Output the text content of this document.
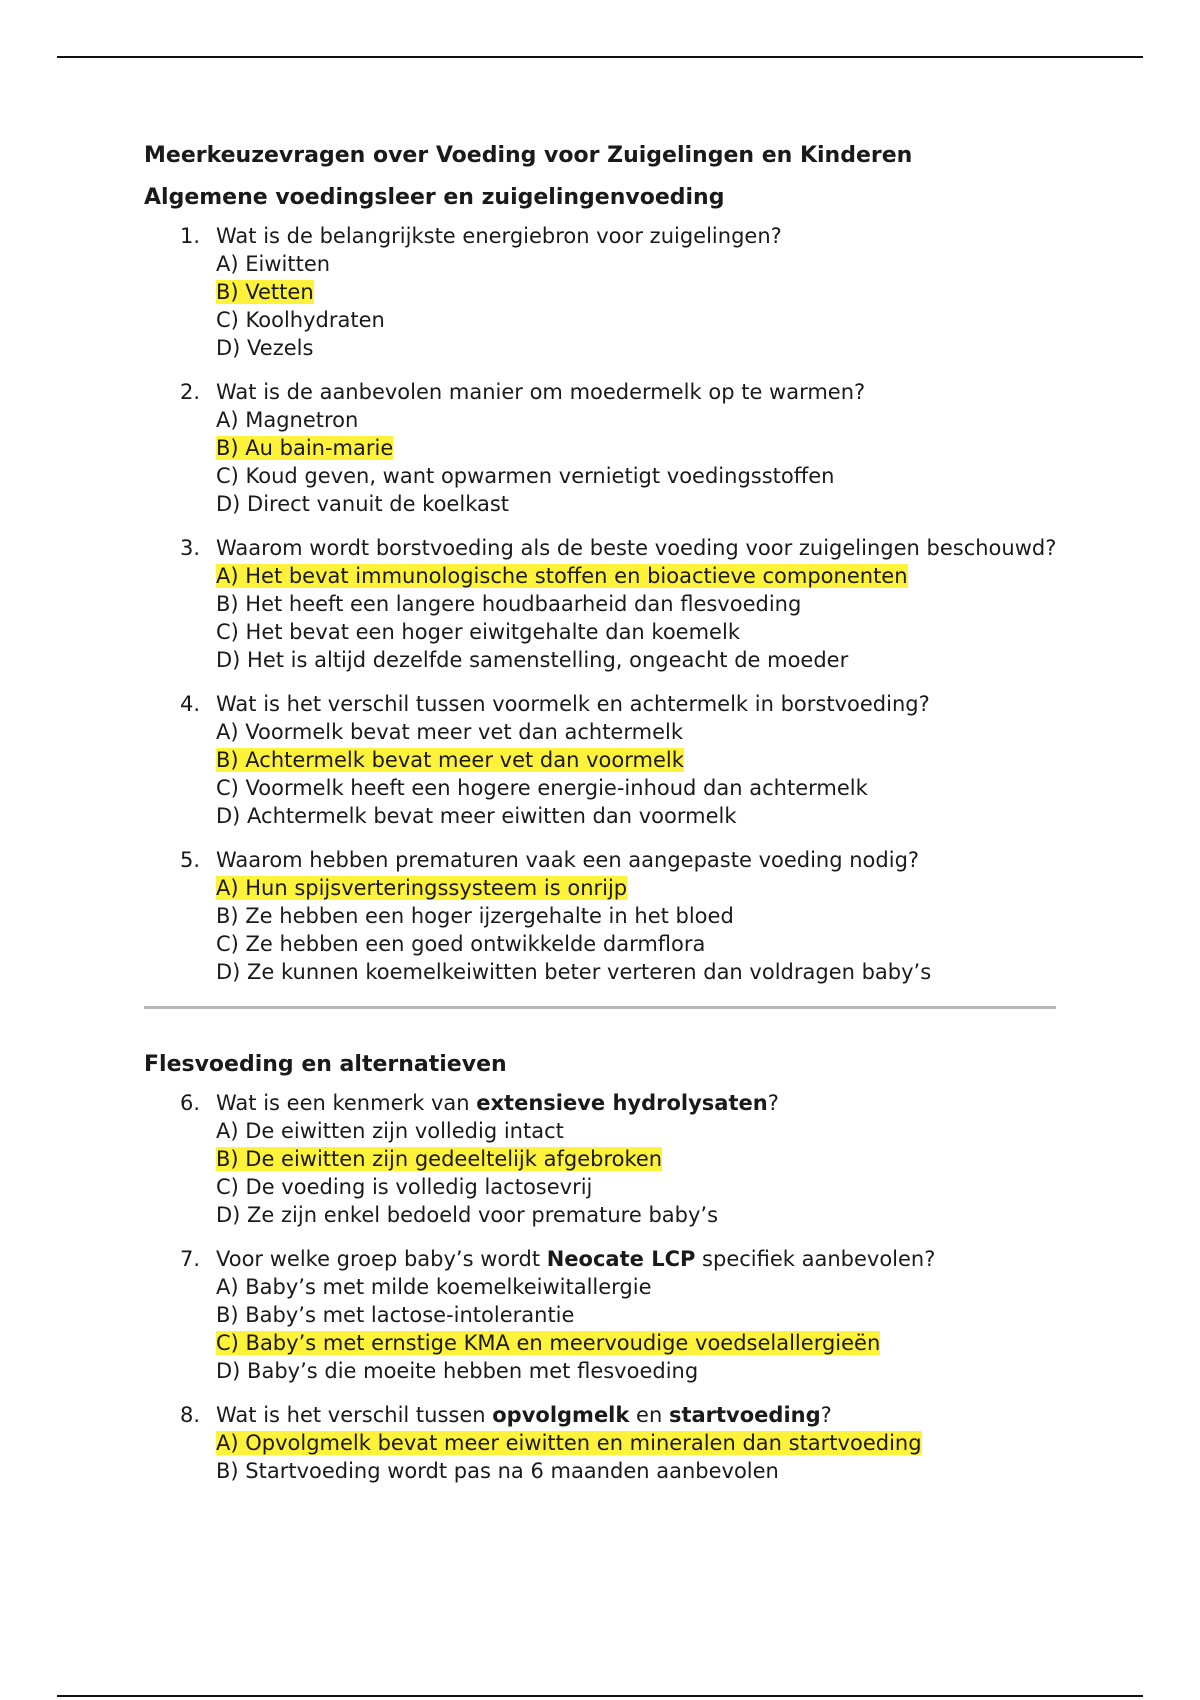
Meerkeuzevragen over Voeding voor Zuigelingen en Kinderen
Algemene voedingsleer en zuigelingenvoeding
1. Wat is de belangrijkste energiebron voor zuigelingen?
A) Eiwitten
B) Vetten
C) Koolhydraten
D) Vezels
2. Wat is de aanbevolen manier om moedermelk op te warmen?
A) Magnetron
B) Au bain-marie
C) Koud geven, want opwarmen vernietigt voedingsstoffen
D) Direct vanuit de koelkast
3. Waarom wordt borstvoeding als de beste voeding voor zuigelingen beschouwd?
A) Het bevat immunologische stoffen en bioactieve componenten
B) Het heeft een langere houdbaarheid dan flesvoeding
C) Het bevat een hoger eiwitgehalte dan koemelk
D) Het is altijd dezelfde samenstelling, ongeacht de moeder
4. Wat is het verschil tussen voormelk en achtermelk in borstvoeding?
A) Voormelk bevat meer vet dan achtermelk
B) Achtermelk bevat meer vet dan voormelk
C) Voormelk heeft een hogere energie-inhoud dan achtermelk
D) Achtermelk bevat meer eiwitten dan voormelk
5. Waarom hebben prematuren vaak een aangepaste voeding nodig?
A) Hun spijsverteringssysteem is onrijp
B) Ze hebben een hoger ijzergehalte in het bloed
C) Ze hebben een goed ontwikkelde darmflora
D) Ze kunnen koemelkeiwitten beter verteren dan voldragen baby’s
Flesvoeding en alternatieven
6. Wat is een kenmerk van extensieve hydrolysaten?
A) De eiwitten zijn volledig intact
B) De eiwitten zijn gedeeltelijk afgebroken
C) De voeding is volledig lactosevrij
D) Ze zijn enkel bedoeld voor premature baby’s
7. Voor welke groep baby’s wordt Neocate LCP specifiek aanbevolen?
A) Baby’s met milde koemelkeiwitallergie
B) Baby’s met lactose-intolerantie
C) Baby’s met ernstige KMA en meervoudige voedselallergieën
D) Baby’s die moeite hebben met flesvoeding
8. Wat is het verschil tussen opvolgmelk en startvoeding?
A) Opvolgmelk bevat meer eiwitten en mineralen dan startvoeding
B) Startvoeding wordt pas na 6 maanden aanbevolen
